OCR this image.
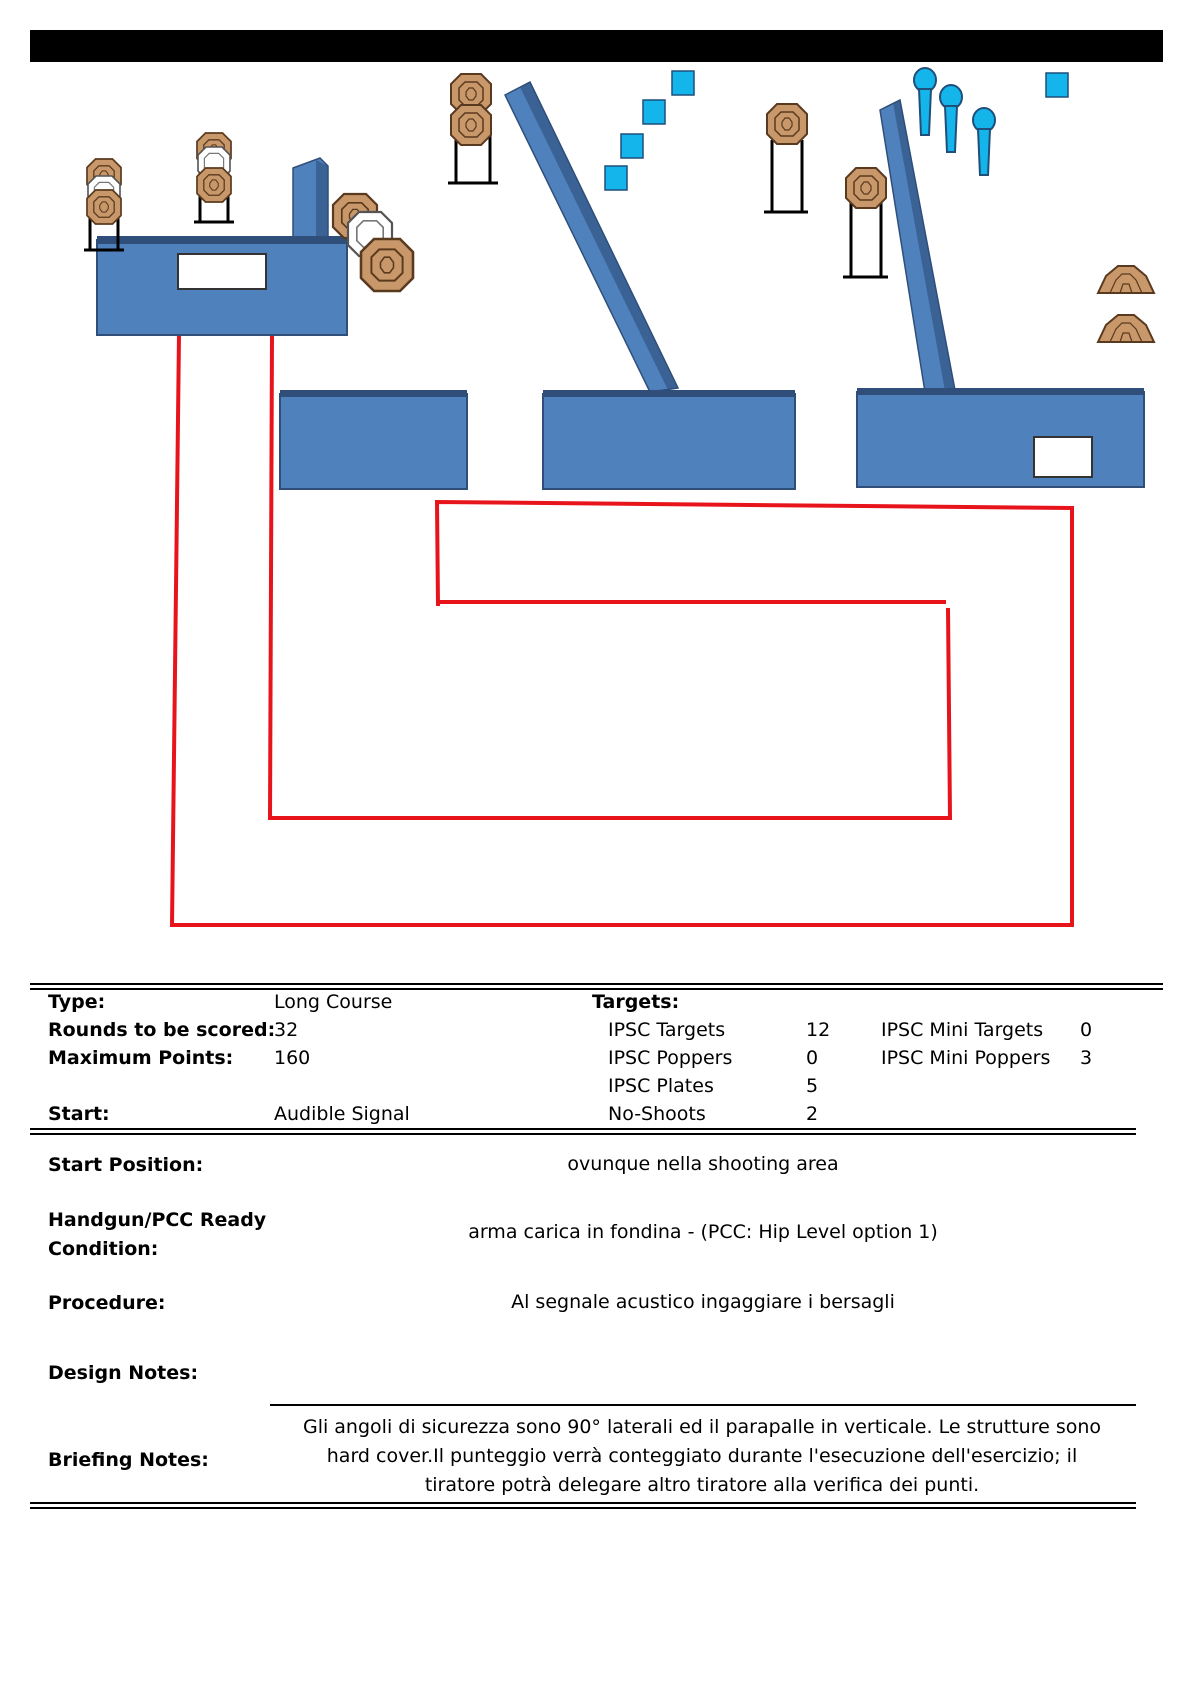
Type:	Long Course
Rounds to be scored:
32
Maximum Points: 160
Start:	Audible Signal
Targets:
IPSC Targets	12
IPSC Poppers	0
IPSC Plates	5
No-Shoots	2
IPSC Mini Targets 0
IPSC Mini Poppers 3
Start Position:	ovunque nella shooting area
Handgun/PCC Ready
Condition:
arma carica in fondina - (PCC: Hip Level option 1)
Procedure:	Al segnale acustico ingaggiare i bersagli
Design Notes:
Briefing Notes:
Gli angoli di sicurezza sono 90° laterali ed il parapalle in verticale. Le strutture sono hard cover.Il punteggio verrà conteggiato durante l'esecuzione dell'esercizio; il tiratore potrà delegare altro tiratore alla verifica dei punti.
